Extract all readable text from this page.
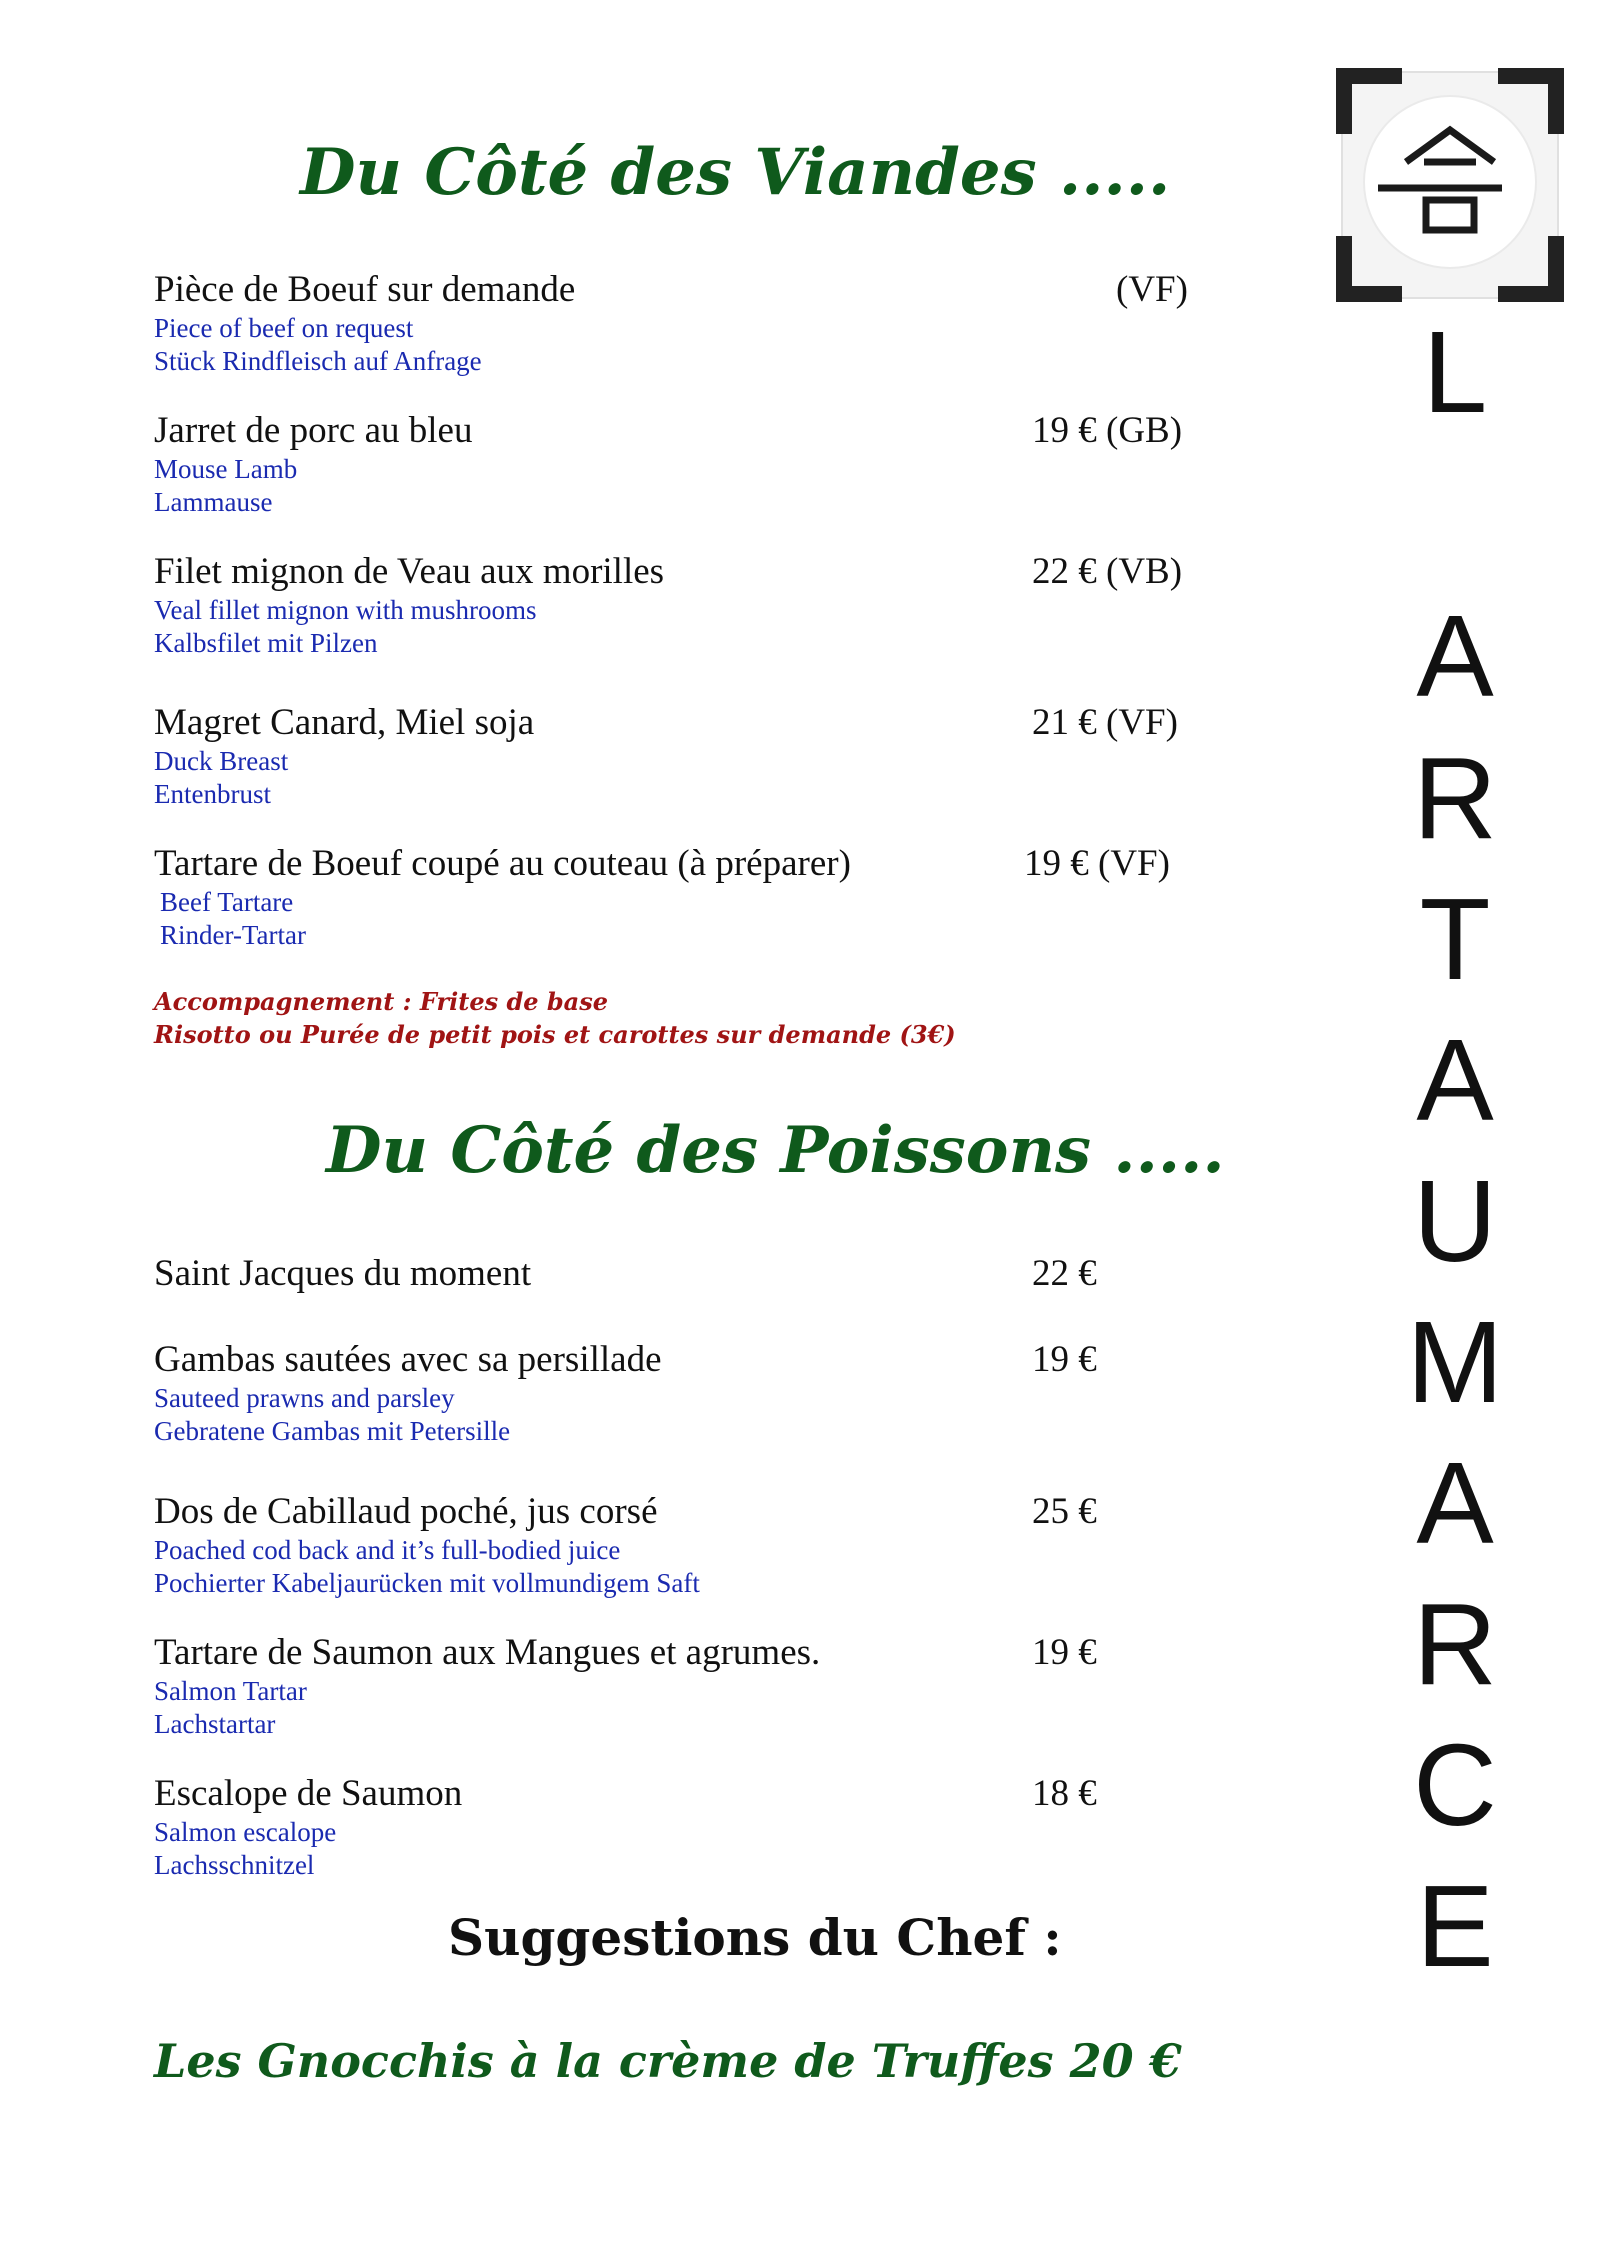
L
A
R
T
A
U
M
A
R
C
E
Du Côté des Viandes .....
Pièce de Boeuf sur demande	(VF)
Piece of beef on request
Stück Rindfleisch auf Anfrage
Jarret de porc au bleu	19 € (GB)
Mouse Lamb
Lammause
Filet mignon de Veau aux morilles	22 € (VB)
Veal fillet mignon with mushrooms
Kalbsfilet mit Pilzen
Magret Canard, Miel soja	21 € (VF)
Duck Breast
Entenbrust
Tartare de Boeuf coupé au couteau (à préparer)	19 € (VF)
Beef Tartare
Rinder-Tartar
Accompagnement : Frites de base
Risotto ou Purée de petit pois et carottes sur demande (3€)
Du Côté des Poissons .....
Saint Jacques du moment	22 €
Gambas sautées avec sa persillade	19 €
Sauteed prawns and parsley
Gebratene Gambas mit Petersille
Dos de Cabillaud poché, jus corsé	25 €
Poached cod back and it’s full-bodied juice
Pochierter Kabeljaurücken mit vollmundigem Saft
Tartare de Saumon aux Mangues et agrumes.	19 €
Salmon Tartar
Lachstartar
Escalope de Saumon	18 €
Salmon escalope
Lachsschnitzel
Suggestions du Chef :
Les Gnocchis à la crème de Truffes 20 €
